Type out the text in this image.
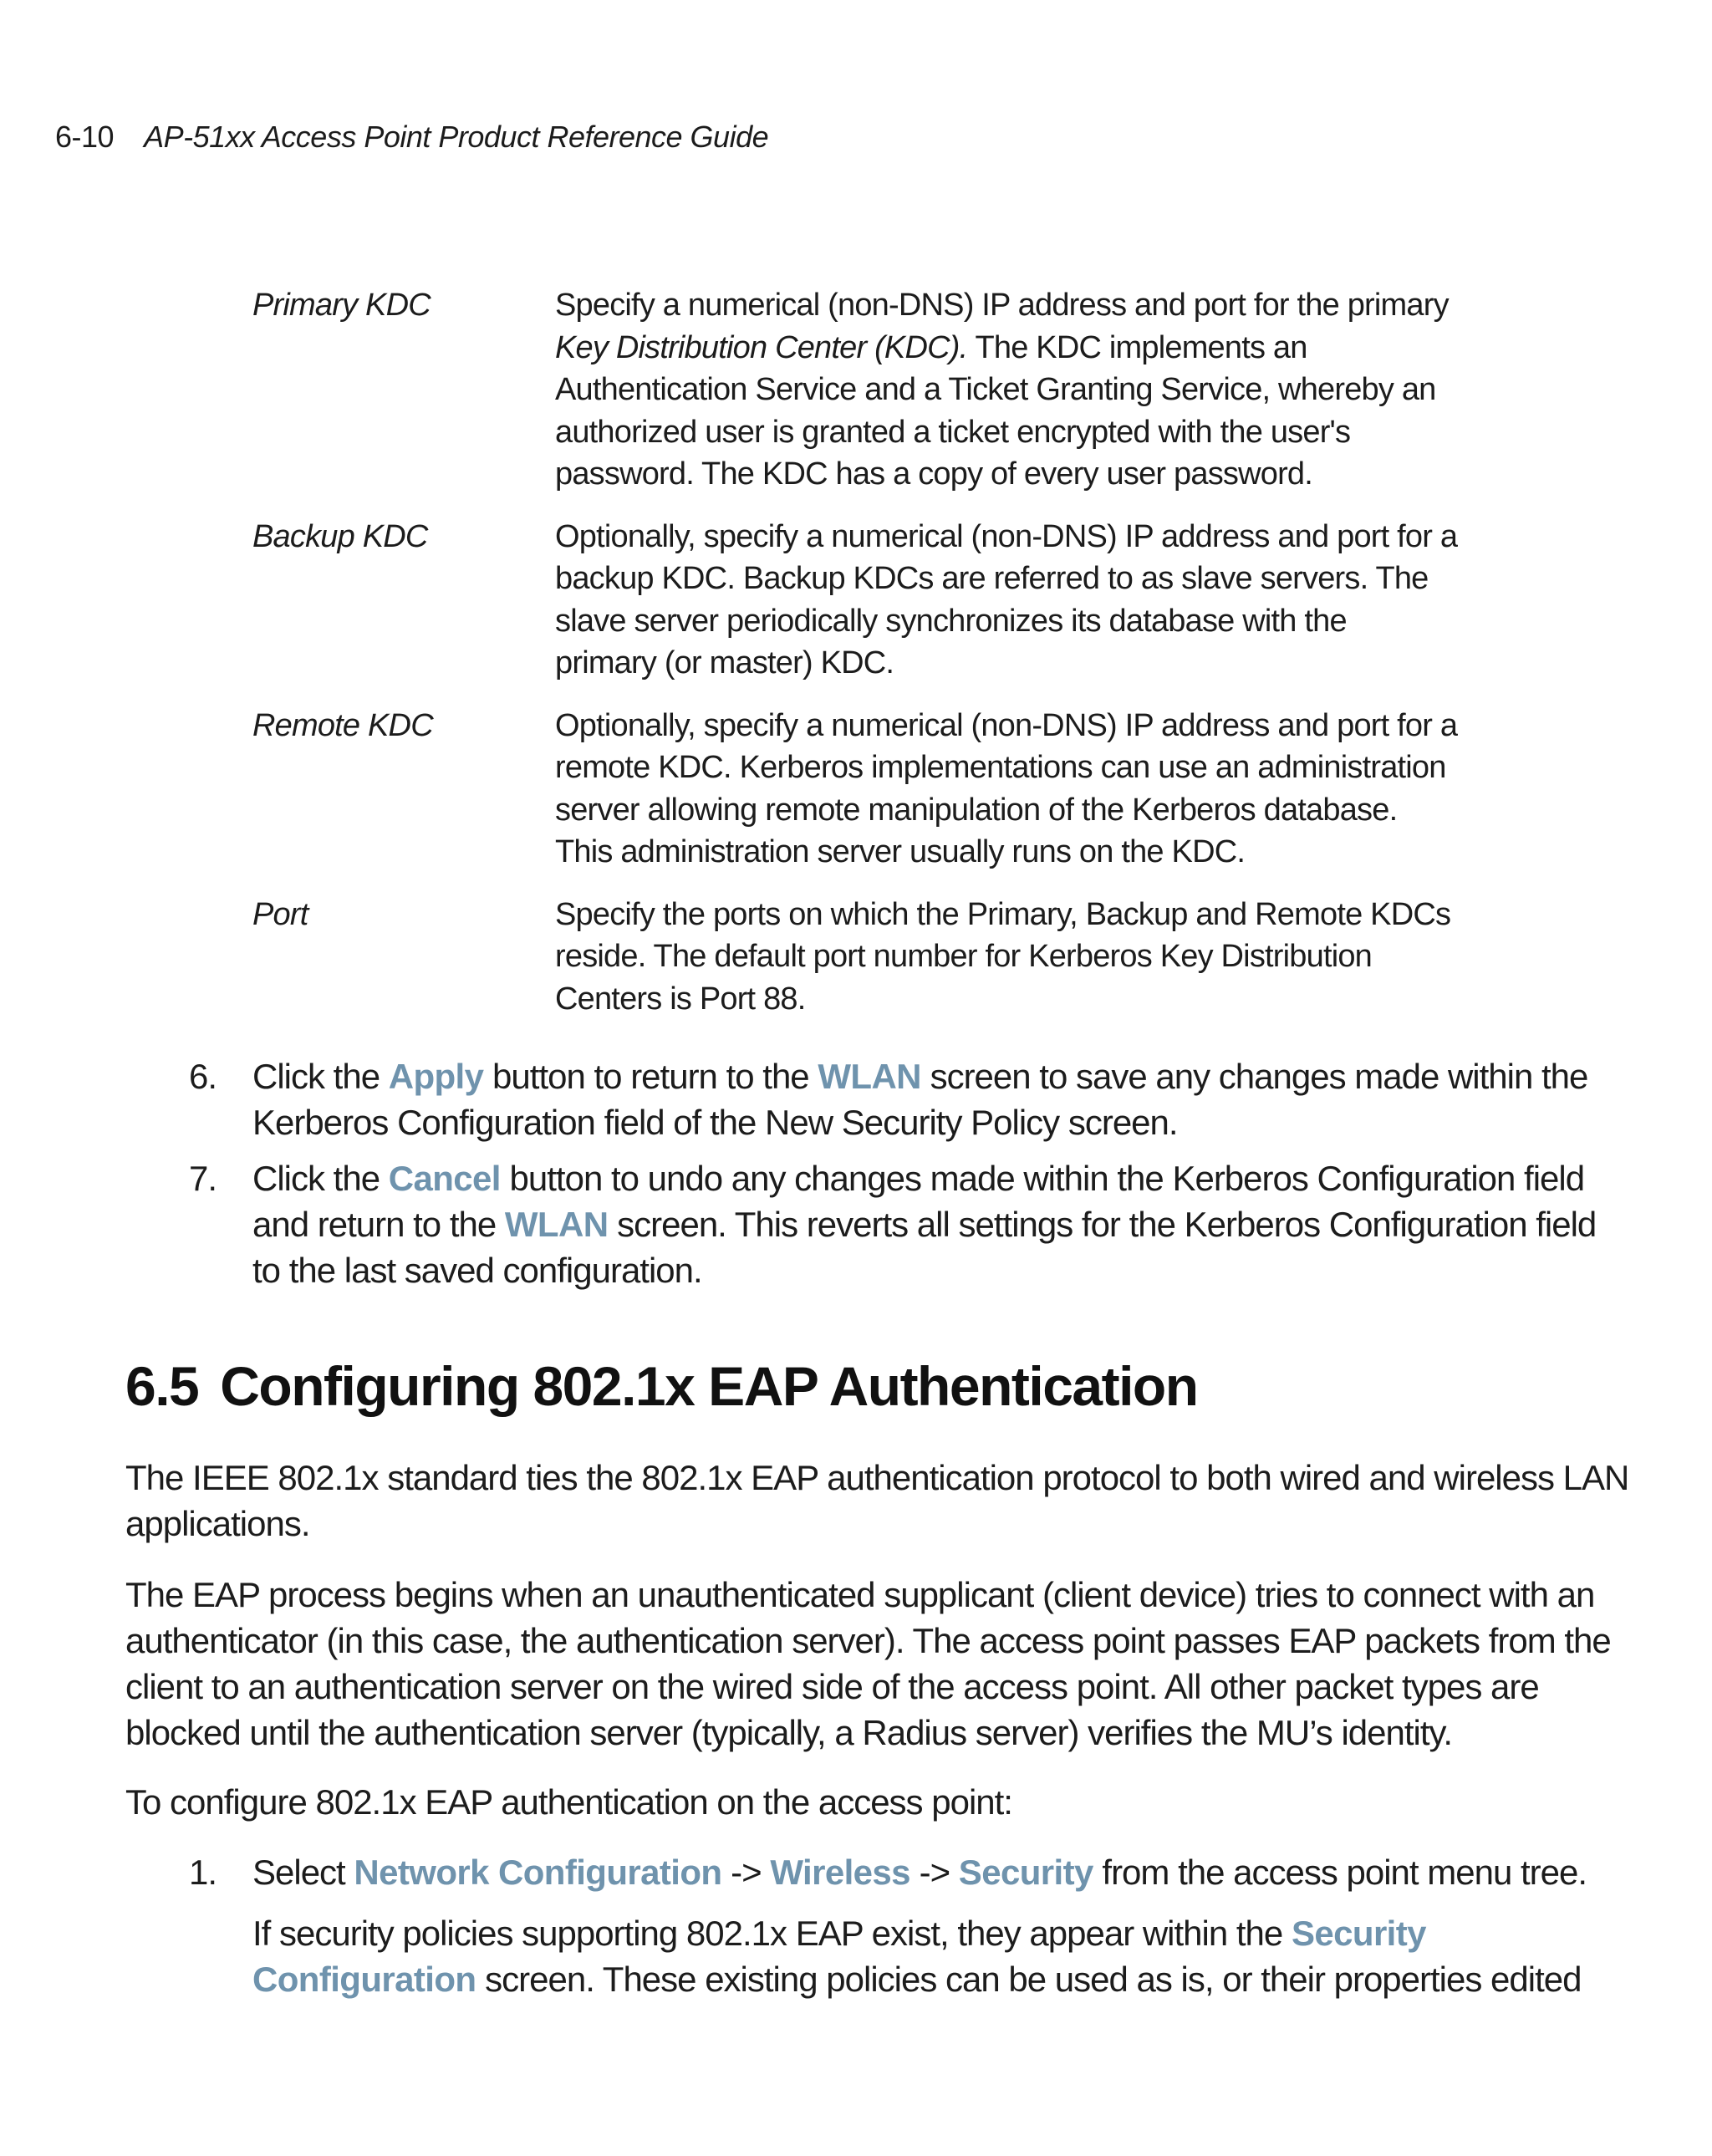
6-10 AP-51xx Access Point Product Reference Guide
Primary KDC	Specify a numerical (non-DNS) IP address and port for the primary
Key Distribution Center (KDC). The KDC implements an
Authentication Service and a Ticket Granting Service, whereby an
authorized user is granted a ticket encrypted with the user's
password. The KDC has a copy of every user password.
Backup KDC	Optionally, specify a numerical (non-DNS) IP address and port for a
backup KDC. Backup KDCs are referred to as slave servers. The
slave server periodically synchronizes its database with the
primary (or master) KDC.
Remote KDC	Optionally, specify a numerical (non-DNS) IP address and port for a
remote KDC. Kerberos implementations can use an administration
server allowing remote manipulation of the Kerberos database.
This administration server usually runs on the KDC.
Port	Specify the ports on which the Primary, Backup and Remote KDCs
reside. The default port number for Kerberos Key Distribution
Centers is Port 88.
6.	Click the Apply button to return to the WLAN screen to save any changes made within the
Kerberos Configuration field of the New Security Policy screen.
7.	Click the Cancel button to undo any changes made within the Kerberos Configuration field
and return to the WLAN screen. This reverts all settings for the Kerberos Configuration field
to the last saved configuration.
6.5 Configuring 802.1x EAP Authentication
The IEEE 802.1x standard ties the 802.1x EAP authentication protocol to both wired and wireless LAN
applications.
The EAP process begins when an unauthenticated supplicant (client device) tries to connect with an
authenticator (in this case, the authentication server). The access point passes EAP packets from the
client to an authentication server on the wired side of the access point. All other packet types are
blocked until the authentication server (typically, a Radius server) verifies the MU’s identity.
To configure 802.1x EAP authentication on the access point:
1.	Select Network Configuration -> Wireless -> Security from the access point menu tree.
If security policies supporting 802.1x EAP exist, they appear within the Security
Configuration screen. These existing policies can be used as is, or their properties edited
